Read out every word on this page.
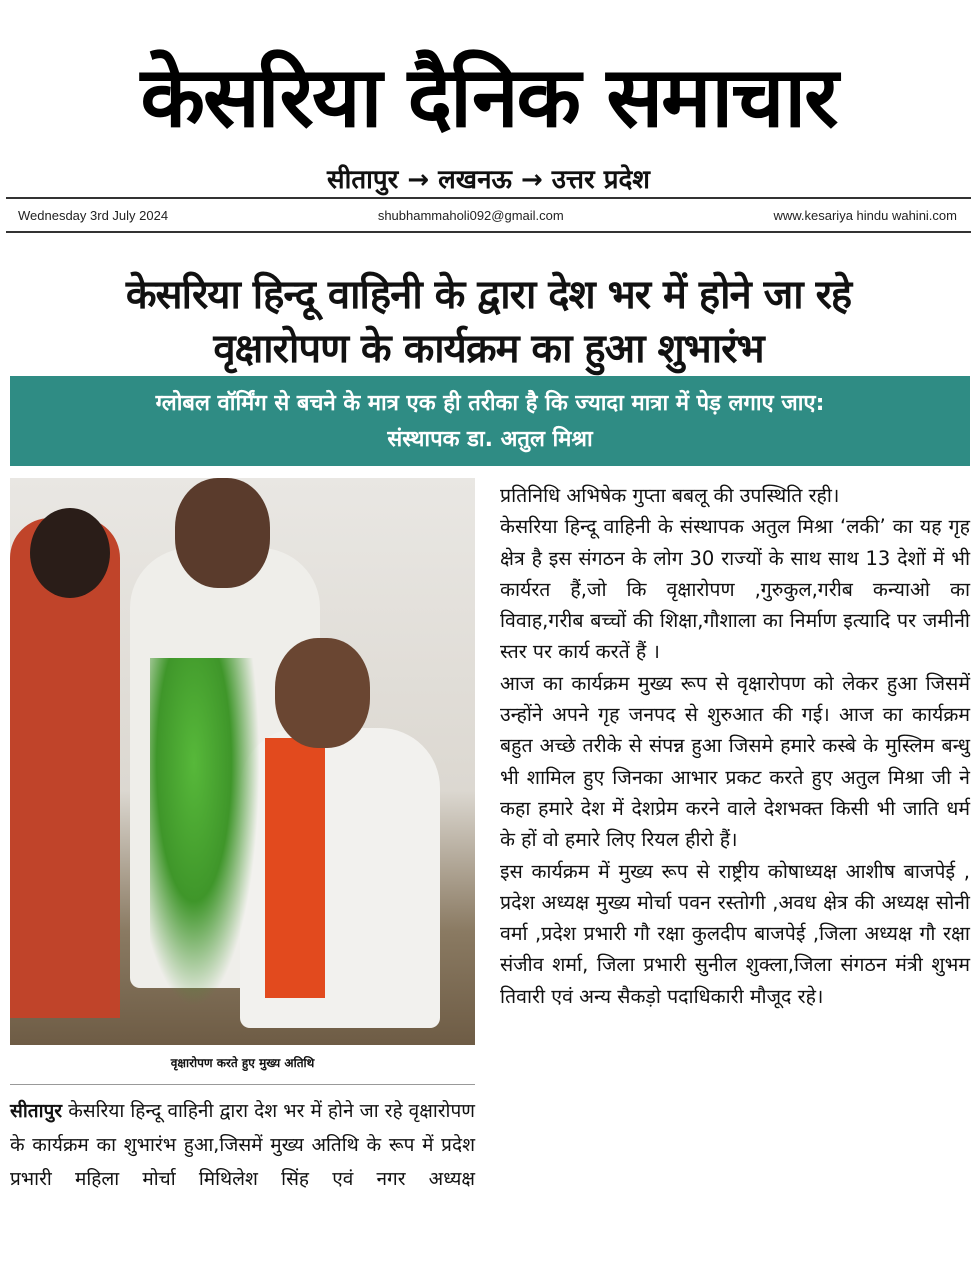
केसरिया दैनिक समाचार
सीतापुर → लखनऊ → उत्तर प्रदेश
Wednesday 3rd July 2024	shubhammaholi092@gmail.com	www.kesariya hindu wahini.com
केसरिया हिन्दू वाहिनी के द्वारा देश भर में होने जा रहे
वृक्षारोपण के कार्यक्रम का हुआ शुभारंभ
ग्लोबल वॉर्मिंग से बचने के मात्र एक ही तरीका है कि ज्यादा मात्रा में पेड़ लगाए जाए:
संस्थापक डा. अतुल मिश्रा
वृक्षारोपण करते हुए मुख्य अतिथि
सीतापुर केसरिया हिन्दू वाहिनी द्वारा देश भर में होने जा रहे वृक्षारोपण के कार्यक्रम का शुभारंभ हुआ,जिसमें मुख्य अतिथि के रूप में प्रदेश प्रभारी महिला मोर्चा मिथिलेश सिंह एवं नगर अध्यक्ष

प्रतिनिधि अभिषेक गुप्ता बबलू की उपस्थिति रही।

केसरिया हिन्दू वाहिनी के संस्थापक अतुल मिश्रा ‘लकी’ का यह गृह क्षेत्र है इस संगठन के लोग 30 राज्यों के साथ साथ 13 देशों में भी कार्यरत हैं,जो कि वृक्षारोपण ,गुरुकुल,गरीब कन्याओ का विवाह,गरीब बच्चों की शिक्षा,गौशाला का निर्माण इत्यादि पर जमीनी स्तर पर कार्य करतें हैं ।

आज का कार्यक्रम मुख्य रूप से वृक्षारोपण को लेकर हुआ जिसमें उन्होंने अपने गृह जनपद से शुरुआत की गई। आज का कार्यक्रम बहुत अच्छे तरीके से संपन्न हुआ जिसमे हमारे कस्बे के मुस्लिम बन्धु भी शामिल हुए जिनका आभार प्रकट करते हुए अतुल मिश्रा जी ने कहा हमारे देश में देशप्रेम करने वाले देशभक्त किसी भी जाति धर्म के हों वो हमारे लिए रियल हीरो हैं।

इस कार्यक्रम में मुख्य रूप से राष्ट्रीय कोषाध्यक्ष आशीष बाजपेई , प्रदेश अध्यक्ष मुख्य मोर्चा पवन रस्तोगी ,अवध क्षेत्र की अध्यक्ष सोनी वर्मा ,प्रदेश प्रभारी गौ रक्षा कुलदीप बाजपेई ,जिला अध्यक्ष गौ रक्षा संजीव शर्मा, जिला प्रभारी सुनील शुक्ला,जिला संगठन मंत्री शुभम तिवारी एवं अन्य सैकड़ो पदाधिकारी मौजूद रहे।
